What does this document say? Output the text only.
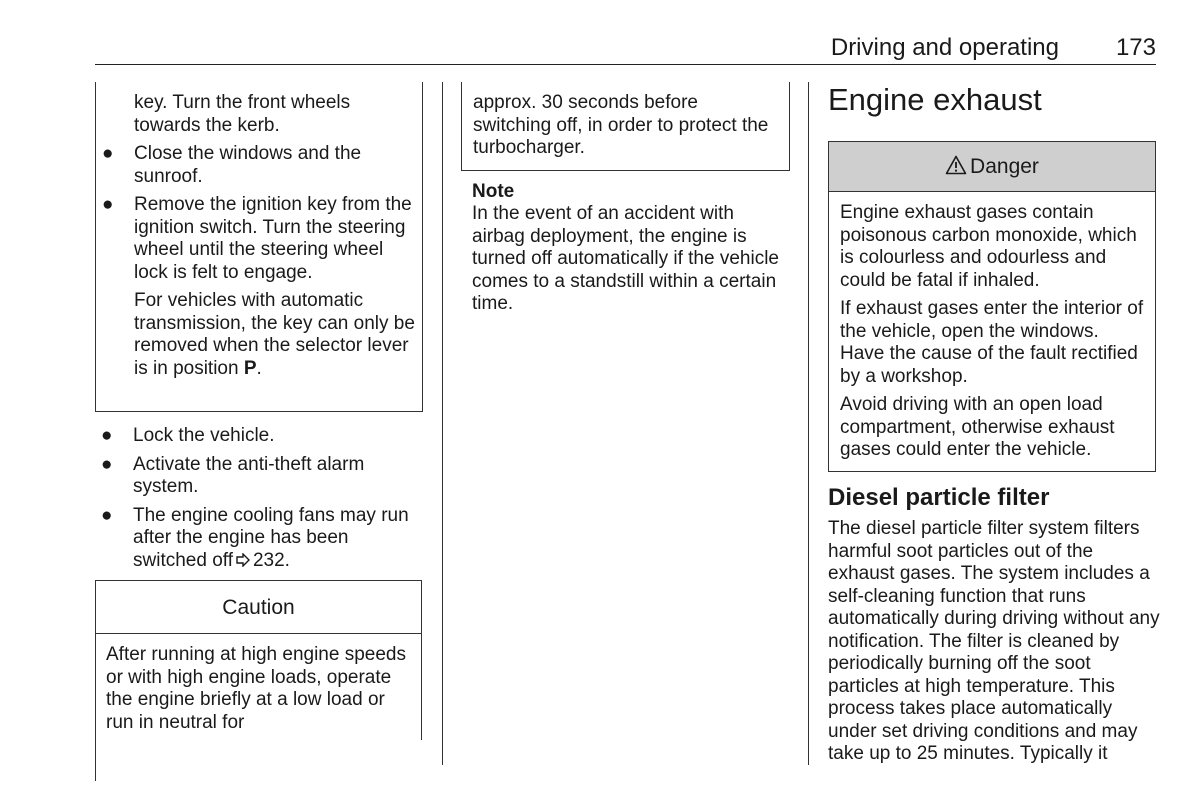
Driving and operating 173

key. Turn the front wheels towards the kerb.

● Close the windows and the sunroof.
● Remove the ignition key from the ignition switch. Turn the steering wheel until the steering wheel lock is felt to engage.

For vehicles with automatic transmission, the key can only be removed when the selector lever is in position P.

● Lock the vehicle.
● Activate the anti-theft alarm system.
● The engine cooling fans may run after the engine has been switched off 232.
Caution
After running at high engine speeds or with high engine loads, operate the engine briefly at a low load or run in neutral for
approx. 30 seconds before switching off, in order to protect the turbocharger.
Note
In the event of an accident with airbag deployment, the engine is turned off automatically if the vehicle comes to a standstill within a certain time.
Engine exhaust
Danger

Engine exhaust gases contain poisonous carbon monoxide, which is colourless and odourless and could be fatal if inhaled.

If exhaust gases enter the interior of the vehicle, open the windows. Have the cause of the fault rectified by a workshop.

Avoid driving with an open load compartment, otherwise exhaust gases could enter the vehicle.

Diesel particle filter
The diesel particle filter system filters harmful soot particles out of the exhaust gases. The system includes a self-cleaning function that runs automatically during driving without any notification. The filter is cleaned by periodically burning off the soot particles at high temperature. This process takes place automatically under set driving conditions and may take up to 25 minutes. Typically it
